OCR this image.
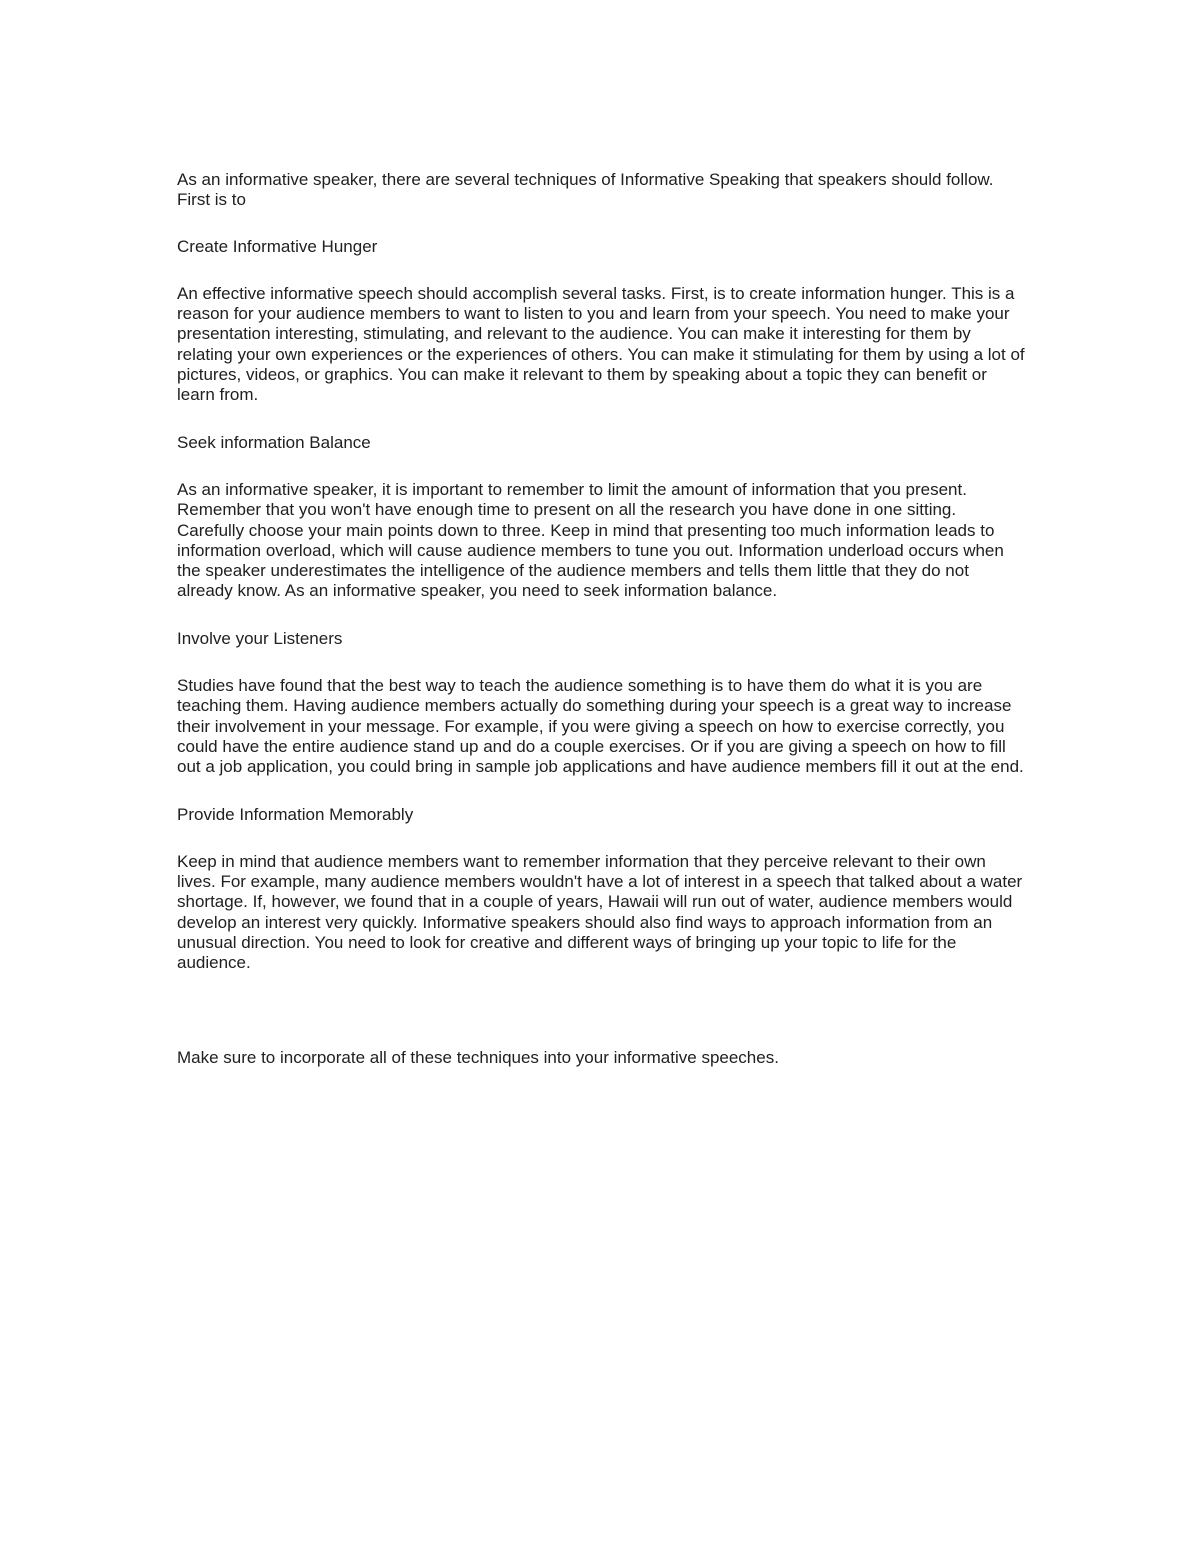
As an informative speaker, there are several techniques of Informative Speaking that speakers should follow. First is to

Create Informative Hunger

An effective informative speech should accomplish several tasks. First, is to create information hunger. This is a reason for your audience members to want to listen to you and learn from your speech. You need to make your presentation interesting, stimulating, and relevant to the audience. You can make it interesting for them by relating your own experiences or the experiences of others. You can make it stimulating for them by using a lot of pictures, videos, or graphics. You can make it relevant to them by speaking about a topic they can benefit or learn from.

Seek information Balance

As an informative speaker, it is important to remember to limit the amount of information that you present. Remember that you won't have enough time to present on all the research you have done in one sitting. Carefully choose your main points down to three. Keep in mind that presenting too much information leads to information overload, which will cause audience members to tune you out. Information underload occurs when the speaker underestimates the intelligence of the audience members and tells them little that they do not already know. As an informative speaker, you need to seek information balance.

Involve your Listeners

Studies have found that the best way to teach the audience something is to have them do what it is you are teaching them. Having audience members actually do something during your speech is a great way to increase their involvement in your message. For example, if you were giving a speech on how to exercise correctly, you could have the entire audience stand up and do a couple exercises. Or if you are giving a speech on how to fill out a job application, you could bring in sample job applications and have audience members fill it out at the end.

Provide Information Memorably

Keep in mind that audience members want to remember information that they perceive relevant to their own lives. For example, many audience members wouldn't have a lot of interest in a speech that talked about a water shortage. If, however, we found that in a couple of years, Hawaii will run out of water, audience members would develop an interest very quickly. Informative speakers should also find ways to approach information from an unusual direction. You need to look for creative and different ways of bringing up your topic to life for the audience.

Make sure to incorporate all of these techniques into your informative speeches.
